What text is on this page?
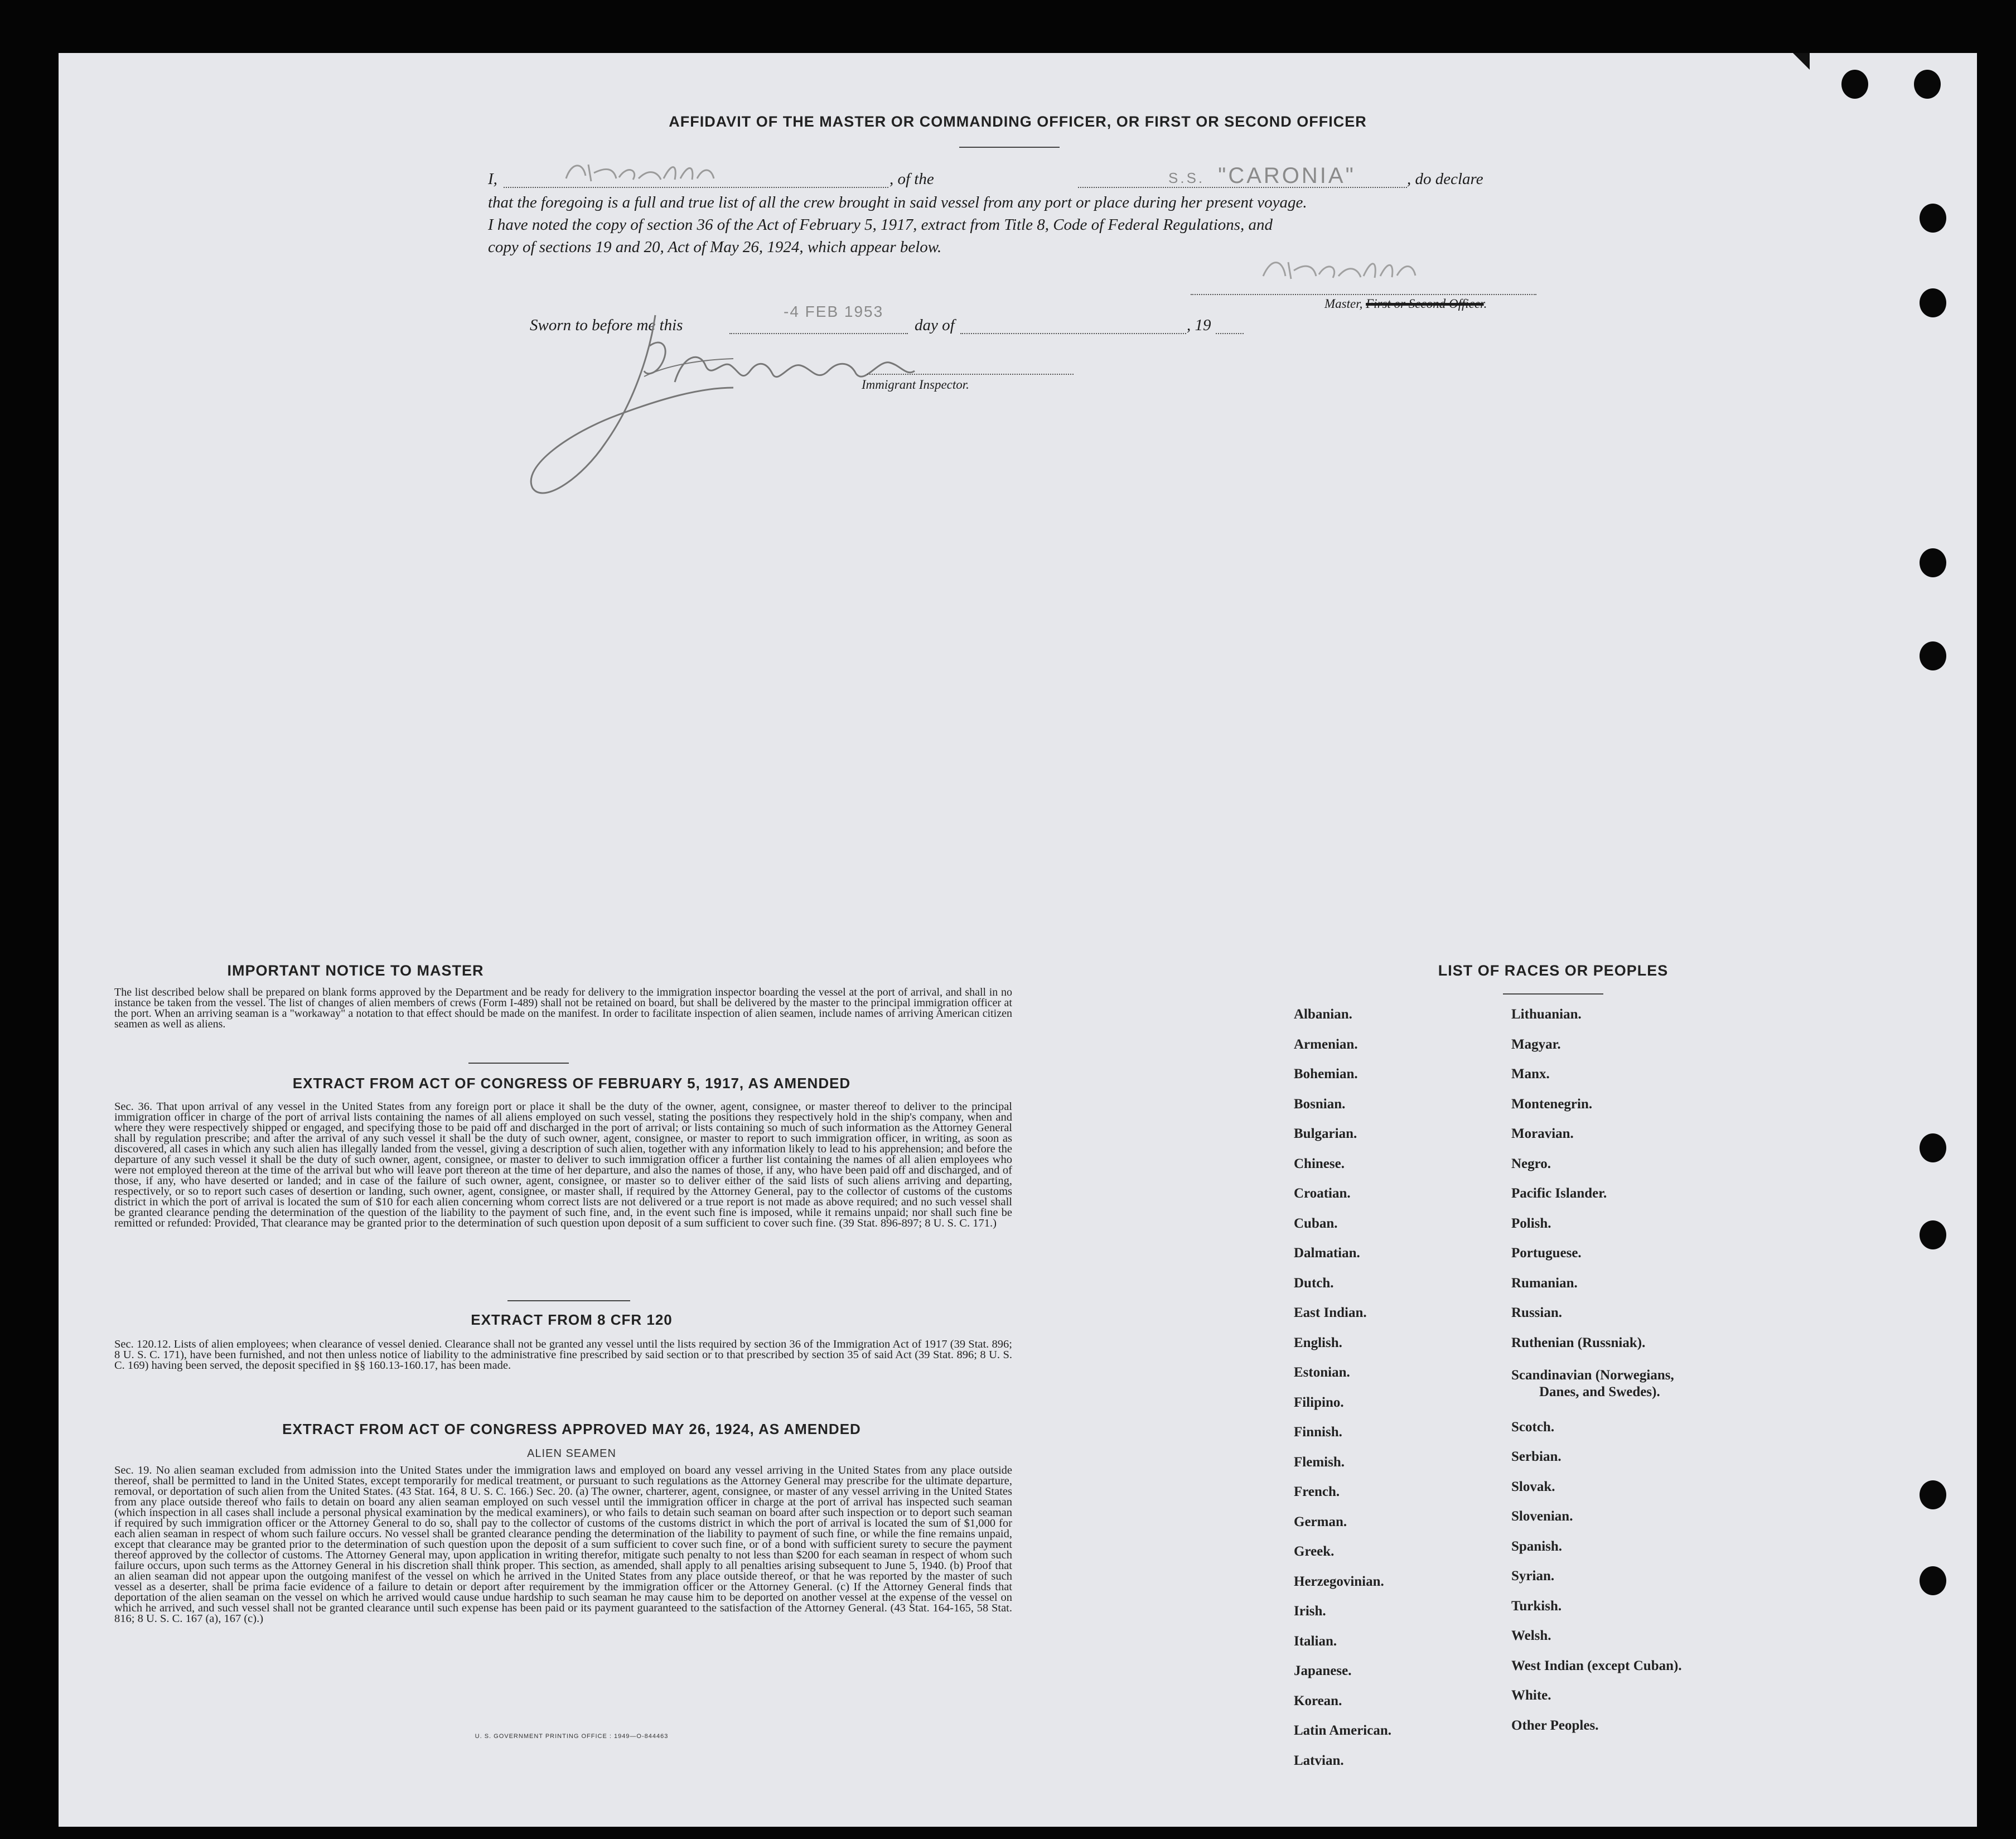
AFFIDAVIT OF THE MASTER OR COMMANDING OFFICER, OR FIRST OR SECOND OFFICER
I,	, of the	, do declare
S.S. "CARONIA"
that the foregoing is a full and true list of all the crew brought in said vessel from any port or place during her present voyage.
I have noted the copy of section 36 of the Act of February 5, 1917, extract from Title 8, Code of Federal Regulations, and
copy of sections 19 and 20, Act of May 26, 1924, which appear below.
Master, First or Second Officer.
Sworn to before me this	day of	, 19
-4 FEB 1953
Immigrant Inspector.
IMPORTANT NOTICE TO MASTER
The list described below shall be prepared on blank forms approved by the Department and be ready for delivery to the immigration inspector boarding the vessel at the port of arrival, and shall in no instance be taken from the vessel. The list of changes of alien members of crews (Form I-489) shall not be retained on board, but shall be delivered by the master to the principal immigration officer at the port. When an arriving seaman is a "workaway" a notation to that effect should be made on the manifest. In order to facilitate inspection of alien seamen, include names of arriving American citizen seamen as well as aliens.
EXTRACT FROM ACT OF CONGRESS OF FEBRUARY 5, 1917, AS AMENDED
Sec. 36. That upon arrival of any vessel in the United States from any foreign port or place it shall be the duty of the owner, agent, consignee, or master thereof to deliver to the principal immigration officer in charge of the port of arrival lists containing the names of all aliens employed on such vessel, stating the positions they respectively hold in the ship's company, when and where they were respectively shipped or engaged, and specifying those to be paid off and discharged in the port of arrival; or lists containing so much of such information as the Attorney General shall by regulation prescribe; and after the arrival of any such vessel it shall be the duty of such owner, agent, consignee, or master to report to such immigration officer, in writing, as soon as discovered, all cases in which any such alien has illegally landed from the vessel, giving a description of such alien, together with any information likely to lead to his apprehension; and before the departure of any such vessel it shall be the duty of such owner, agent, consignee, or master to deliver to such immigration officer a further list containing the names of all alien employees who were not employed thereon at the time of the arrival but who will leave port thereon at the time of her departure, and also the names of those, if any, who have been paid off and discharged, and of those, if any, who have deserted or landed; and in case of the failure of such owner, agent, consignee, or master so to deliver either of the said lists of such aliens arriving and departing, respectively, or so to report such cases of desertion or landing, such owner, agent, consignee, or master shall, if required by the Attorney General, pay to the collector of customs of the customs district in which the port of arrival is located the sum of $10 for each alien concerning whom correct lists are not delivered or a true report is not made as above required; and no such vessel shall be granted clearance pending the determination of the question of the liability to the payment of such fine, and, in the event such fine is imposed, while it remains unpaid; nor shall such fine be remitted or refunded: Provided, That clearance may be granted prior to the determination of such question upon deposit of a sum sufficient to cover such fine. (39 Stat. 896-897; 8 U. S. C. 171.)
EXTRACT FROM 8 CFR 120
Sec. 120.12. Lists of alien employees; when clearance of vessel denied. Clearance shall not be granted any vessel until the lists required by section 36 of the Immigration Act of 1917 (39 Stat. 896; 8 U. S. C. 171), have been furnished, and not then unless notice of liability to the administrative fine prescribed by said section or to that prescribed by section 35 of said Act (39 Stat. 896; 8 U. S. C. 169) having been served, the deposit specified in §§ 160.13-160.17, has been made.
EXTRACT FROM ACT OF CONGRESS APPROVED MAY 26, 1924, AS AMENDED
ALIEN SEAMEN
Sec. 19. No alien seaman excluded from admission into the United States under the immigration laws and employed on board any vessel arriving in the United States from any place outside thereof, shall be permitted to land in the United States, except temporarily for medical treatment, or pursuant to such regulations as the Attorney General may prescribe for the ultimate departure, removal, or deportation of such alien from the United States. (43 Stat. 164, 8 U. S. C. 166.) Sec. 20. (a) The owner, charterer, agent, consignee, or master of any vessel arriving in the United States from any place outside thereof who fails to detain on board any alien seaman employed on such vessel until the immigration officer in charge at the port of arrival has inspected such seaman (which inspection in all cases shall include a personal physical examination by the medical examiners), or who fails to detain such seaman on board after such inspection or to deport such seaman if required by such immigration officer or the Attorney General to do so, shall pay to the collector of customs of the customs district in which the port of arrival is located the sum of $1,000 for each alien seaman in respect of whom such failure occurs. No vessel shall be granted clearance pending the determination of the liability to payment of such fine, or while the fine remains unpaid, except that clearance may be granted prior to the determination of such question upon the deposit of a sum sufficient to cover such fine, or of a bond with sufficient surety to secure the payment thereof approved by the collector of customs. The Attorney General may, upon application in writing therefor, mitigate such penalty to not less than $200 for each seaman in respect of whom such failure occurs, upon such terms as the Attorney General in his discretion shall think proper. This section, as amended, shall apply to all penalties arising subsequent to June 5, 1940. (b) Proof that an alien seaman did not appear upon the outgoing manifest of the vessel on which he arrived in the United States from any place outside thereof, or that he was reported by the master of such vessel as a deserter, shall be prima facie evidence of a failure to detain or deport after requirement by the immigration officer or the Attorney General. (c) If the Attorney General finds that deportation of the alien seaman on the vessel on which he arrived would cause undue hardship to such seaman he may cause him to be deported on another vessel at the expense of the vessel on which he arrived, and such vessel shall not be granted clearance until such expense has been paid or its payment guaranteed to the satisfaction of the Attorney General. (43 Stat. 164-165, 58 Stat. 816; 8 U. S. C. 167 (a), 167 (c).)
U. S. GOVERNMENT PRINTING OFFICE : 1949—O-844463
LIST OF RACES OR PEOPLES
Albanian.
Armenian.
Bohemian.
Bosnian.
Bulgarian.
Chinese.
Croatian.
Cuban.
Dalmatian.
Dutch.
East Indian.
English.
Estonian.
Filipino.
Finnish.
Flemish.
French.
German.
Greek.
Herzegovinian.
Irish.
Italian.
Japanese.
Korean.
Latin American.
Latvian.
Lithuanian.
Magyar.
Manx.
Montenegrin.
Moravian.
Negro.
Pacific Islander.
Polish.
Portuguese.
Rumanian.
Russian.
Ruthenian (Russniak).
Scandinavian (Norwegians,
Danes, and Swedes).
Scotch.
Serbian.
Slovak.
Slovenian.
Spanish.
Syrian.
Turkish.
Welsh.
West Indian (except Cuban).
White.
Other Peoples.
